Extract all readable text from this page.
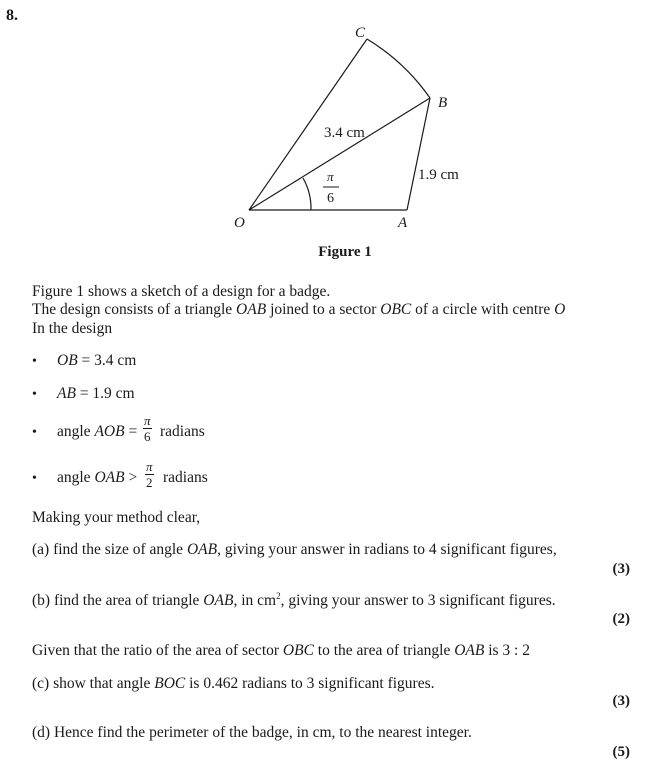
8.
O	A
B
C
3.4 cm
1.9 cm
π
6
Figure 1
Figure 1 shows a sketch of a design for a badge.
The design consists of a triangle OAB joined to a sector OBC of a circle with centre O
In the design
• OB = 3.4 cm
• AB = 1.9 cm
• angle AOB = $\frac{\pi}{6}$ radians
• angle OAB > $\frac{\pi}{2}$ radians
Making your method clear,
(a) find the size of angle OAB, giving your answer in radians to 4 significant figures,
(3)
(b) find the area of triangle OAB, in $cm^2$, giving your answer to 3 significant figures.
(2)
Given that the ratio of the area of sector OBC to the area of triangle OAB is 3 : 2
(c) show that angle BOC is 0.462 radians to 3 significant figures.
(3)
(d) Hence find the perimeter of the badge, in cm, to the nearest integer.
(5)
